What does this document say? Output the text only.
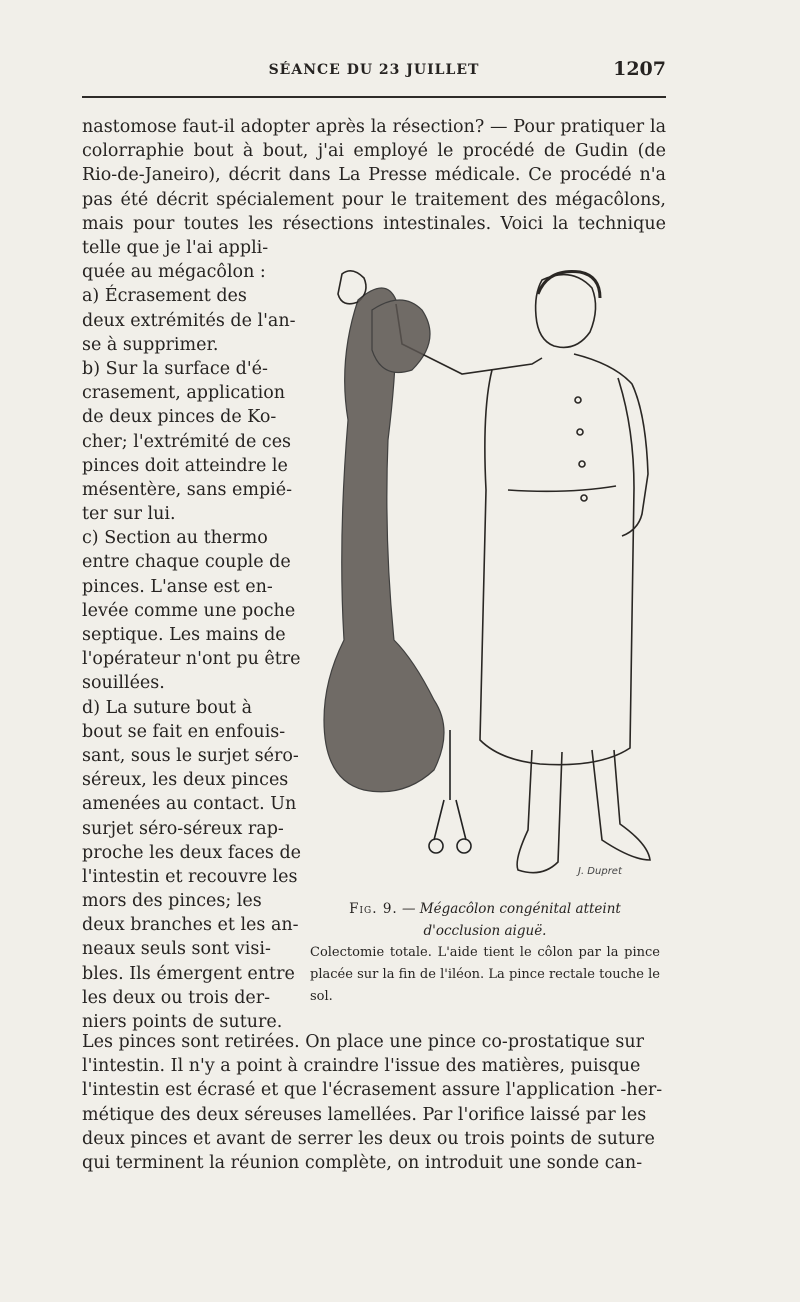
SÉANCE DU 23 JUILLET	1207
nastomose faut-il adopter après la résection? — Pour pratiquer la
colorraphie bout à bout, j'ai employé le procédé de Gudin (de
Rio-de-Janeiro), décrit dans La Presse médicale. Ce procédé n'a
pas été décrit spécialement pour le traitement des mégacôlons,
mais pour toutes les résections intestinales. Voici la technique
telle que je l'ai appli-
quée au mégacôlon :
a) Écrasement des
deux extrémités de l'an-
se à supprimer.
b) Sur la surface d'é-
crasement, application
de deux pinces de Ko-
cher; l'extrémité de ces
pinces doit atteindre le
mésentère, sans empié-
ter sur lui.
c) Section au thermo
entre chaque couple de
pinces. L'anse est en-
levée comme une poche
septique. Les mains de
l'opérateur n'ont pu être
souillées.
d) La suture bout à
bout se fait en enfouis-
sant, sous le surjet séro-
séreux, les deux pinces
amenées au contact. Un
surjet séro-séreux rap-
proche les deux faces de
l'intestin et recouvre les
mors des pinces; les
deux branches et les an-
neaux seuls sont visi-
bles. Ils émergent entre
les deux ou trois der-
niers points de suture.
J. Dupret
Fig. 9. — Mégacôlon congénital atteint d'occlusion aiguë.
Colectomie totale. L'aide tient le côlon par la pince placée sur la fin de l'iléon. La pince rectale touche le sol.
Les pinces sont retirées. On place une pince co-prostatique sur
l'intestin. Il n'y a point à craindre l'issue des matières, puisque
l'intestin est écrasé et que l'écrasement assure l'application -her-
métique des deux séreuses lamellées. Par l'orifice laissé par les
deux pinces et avant de serrer les deux ou trois points de suture
qui terminent la réunion complète, on introduit une sonde can-
